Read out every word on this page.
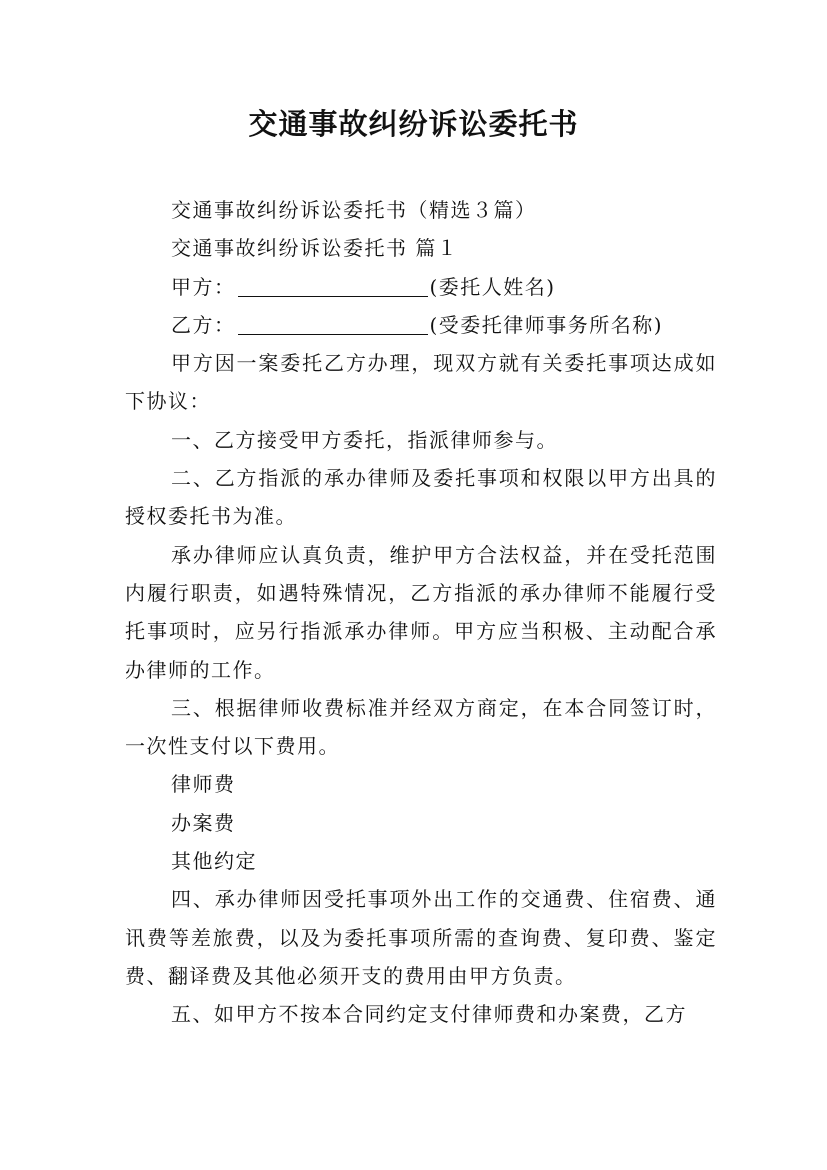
交通事故纠纷诉讼委托书

交通事故纠纷诉讼委托书（精选３篇）

交通事故纠纷诉讼委托书 篇１

甲方：	(委托人姓名)

乙方：	(受委托律师事务所名称)

甲方因一案委托乙方办理，现双方就有关委托事项达成如下协议：

一、乙方接受甲方委托，指派律师参与。

二、乙方指派的承办律师及委托事项和权限以甲方出具的授权委托书为准。

承办律师应认真负责，维护甲方合法权益，并在受托范围内履行职责，如遇特殊情况，乙方指派的承办律师不能履行受托事项时，应另行指派承办律师。甲方应当积极、主动配合承办律师的工作。

三、根据律师收费标准并经双方商定，在本合同签订时，一次性支付以下费用。

律师费

办案费

其他约定

四、承办律师因受托事项外出工作的交通费、住宿费、通讯费等差旅费，以及为委托事项所需的查询费、复印费、鉴定费、翻译费及其他必须开支的费用由甲方负责。

五、如甲方不按本合同约定支付律师费和办案费，乙方
